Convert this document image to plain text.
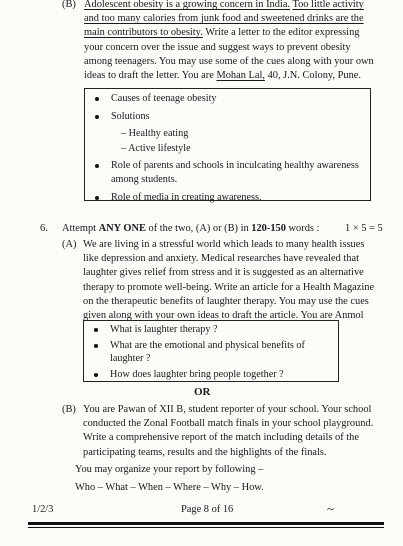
(B) Adolescent obesity is a growing concern in India. Too little activity
and too many calories from junk food and sweetened drinks are the
main contributors to obesity. Write a letter to the editor expressing
your concern over the issue and suggest ways to prevent obesity
among teenagers. You may use some of the cues along with your own
ideas to draft the letter. You are Mohan Lal, 40, J.N. Colony, Pune.
Causes of teenage obesity
Solutions
– Healthy eating
– Active lifestyle
Role of parents and schools in inculcating healthy awareness among students.
Role of media in creating awareness.
6. Attempt ANY ONE of the two, (A) or (B) in 120-150 words : 1 × 5 = 5
(A) We are living in a stressful world which leads to many health issues
like depression and anxiety. Medical researches have revealed that
laughter gives relief from stress and it is suggested as an alternative
therapy to promote well-being. Write an article for a Health Magazine
on the therapeutic benefits of laughter therapy. You may use the cues
given along with your own ideas to draft the article. You are Anmol
What is laughter therapy ?
What are the emotional and physical benefits of laughter ?
How does laughter bring people together ?
OR
(B) You are Pawan of XII B, student reporter of your school. Your school
conducted the Zonal Football match finals in your school playground.
Write a comprehensive report of the match including details of the
participating teams, results and the highlights of the finals.
You may organize your report by following –
Who – What – When – Where – Why – How.
1/2/3	Page 8 of 16	~
